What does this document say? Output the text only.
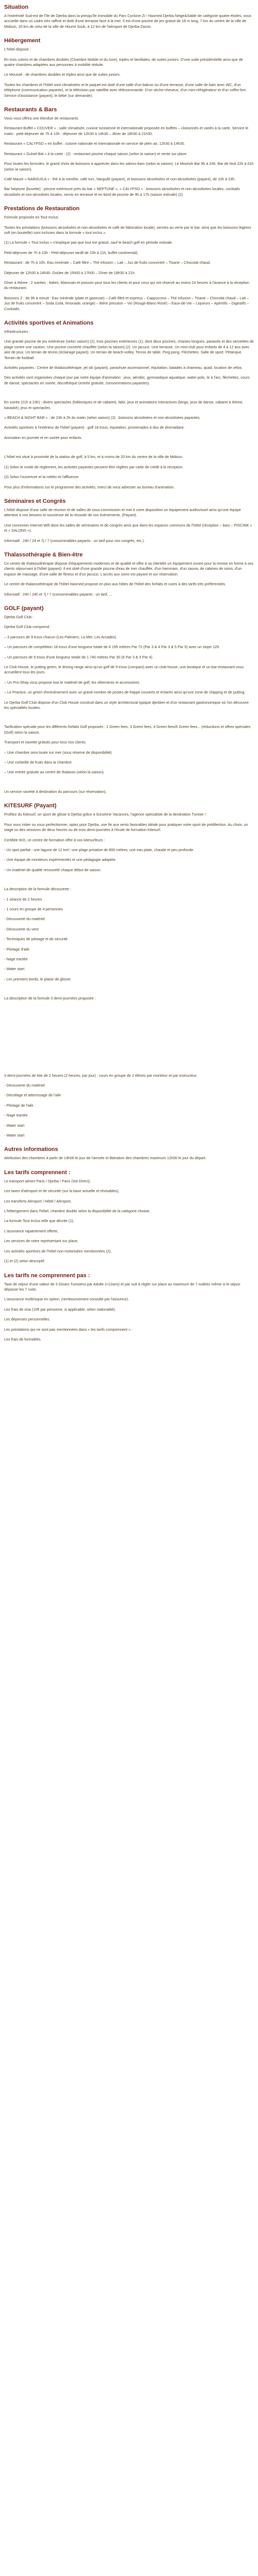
Situation

A l'extrémité Sud-est de l'île de Djerba dans la presqu'île immobile du Parc Cyclone Zi ! Hasmed Djerba Neige&Sable de catégorie quatre étoiles, vous accueille dans un cadre très raffiné et doté d'une terrasse face à la mer. Il est d'une piscine de jeu gratuit de 18 m long, 7 km du centre de la ville de Midoun, 20 km de celui de la ville de Houmt Souk, à 12 km de l'aéroport de Djerba-Zarzis.

Hébergement

L'hôtel dispose :

En trois coloris et de chambres doubles (Chambre Mobile et du lune), triples et familiales, de suites juniors. D'une suite présidentielle ainsi que de quatre chambres adaptées aux personnes à mobilité réduite.

Le Moussé : de chambres doubles et triples ainsi que de suites juniors.

Toutes les chambres et l'hôtel sont climatisées et le paquet est doté d'une salle d'un balcon ou d'une terrasse, d'une salle de bain avec WC, d'un téléphone (communication payante), et la télévision par satellite avec télécommande. D'un sèche-cheveux, d'un mini-réfrigérateur et d'un coffre-fort. Service d'assistance (payant), le bébé (sur demande).

Restaurants & Bars

Vous vous offrira une étendue de restaurants.

Restaurant Buffet « COUVER » : salle climatisée, cuisine tunisienne et internationale proposée en buffets – cloisonnés et variés à la carte. Service le matin : petit-déjeuner de 7h à 10h - déjeuner de 12h30 à 14h30 – dîner de 18h30 à 21h30.

Restaurant « CALYPSO » en buffet : cuisine nationale et internationale en service de plein air, 12h30 à 14h30.

Restaurant « Gulsel-Bal » à la carte : (2) - restaurant piscine chaque saison (selon la saison) et vente sur place.

Pour toutes les formules, le grand choix de boissons à apprécier dans les salons-bars (selon la saison). Le Moorish Bar 9h à 24h, Bar de Nuit 22h à 01h (selon la saison).

Café Maure « NARGUILA » : thé à la menthe, café turc, Narguilé (payant), et boissons alcoolisées et non-alcoolisées (payant), de 10h à 23h.

Bar Neptune (buvette) : piscine extérieure près du bar « NEPTUNE », « CALYPSO » : boissons alcoolisées et non-alcoolisées locales, cocktails alcoolisés et non-alcoolisés locales, servis en terrasse et en bord de piscine de 9h à 17h (saison estivale) (2).

Prestations de Restauration

Formule proposée en Tout Inclus.

Toutes les prestations (boissons alcoolisées et non-alcoolisées et café de fabrication locale), servies au verre par le bar, ainsi que les boissons légères soft (en bouteille) sont incluses dans la formule « tout inclus ».

(1) La formule « Tout Inclus » n'implique pas que tout est gratuit, sauf le beach golf en période estivale.

Petit-déjeuner de 7h à 10h - Petit-déjeuner tardif de 10h à 11h, buffet continental).

Restaurant : de 7h à 10h. Eau minérale – Café filtre – Thé infusion – Lait – Jus de fruits concentré – Tisane – Chocolat chaud.

Déjeuner de 12h30 à 14h30. Goûter de 15h00 à 17h00 – Dîner de 18h30 à 21h.

Dîner à thème : 2 soirées : italien, Marocain et poisson pour tous les clients et pour ceux qui ont réservé au moins 24 heures à l'avance à la réception du restaurant.

Boissons Z : de 9h à minuit : Eau minérale (plate et gazeuse) – Café filtré et express – Cappuccino – Thé infusion – Tisane – Chocolat chaud – Lait – Jus de fruits concentré – Soda (cola, limonade, orange) – Bière pression – Vin (Rouge-Blanc-Rosé) – Eaux-de-Vie – Liqueurs – Apéritifs – Digestifs – Cocktails.

Activités sportives et Animations

Infrastructures :

Une grande piscine de jeu extérieure (selon saison) (2), trois piscines extérieures (1), dont deux piscines, chaises-longues, parasols et des serviettes de plage contre une caution. Une piscine couverte chauffée (selon la saison) (2). Un jacuzzi. Une terrasse. Un mini-club pour enfants de 4 à 12 ans avec aire de jeux. Un terrain de tennis (éclairage payant). Un terrain de beach-volley. Tennis de table. Ping-pong. Fléchettes. Salle de sport. Pétanque. Terrain de football.

Activités payantes : Centre de thalassothérapie, jet ski (payant), parachute ascensionnel, équitation, balades à chameau, quad, location de vélos.

Des activités sont organisées chaque jour par notre équipe d'animation : jeux, aérobic, gymnastique aquatique, water-polo, tir à l'arc, fléchettes, cours de danse, spectacles en soirée, discothèque (entrée gratuite, consommations payantes).

En soirée (21h à 23h) : divers spectacles (folkloriques et de cabaret), fakir, jeux et animations interactives (bingo, jeux de danse, cabaret à thème, karaoké), jeux et spectacles.

« BEACH & NIGHT BAR » : de 23h à 2h du matin (selon saison) (2) : boissons alcoolisées et non-alcoolisées payantes.

Activités sportives à l'extérieur de l'hôtel (payant) : golf 18 trous, équitation, promenades à dos de dromadaire.

Animation en journée et en soirée pour enfants.

L'hôtel est situé à proximité de la station de golf, à 5 km, et à moins de 20 km du centre de la ville de Midoun.

(1) Selon le mode de règlement, les activités payantes peuvent être réglées par carte de crédit à la réception.

(2) Selon l'ouverture et la météo et l'affluence.

Pour plus d'informations sur le programme des activités, merci de vous adresser au bureau d'animation.

Séminaires et Congrès

L'hôtel dispose d'une salle de réunion et de salles de sous-commission et met à votre disposition un équipement audiovisuel ainsi qu'une équipe attentive à vos besoins et soucieuse de la réussite de vos évènements. (Payant).

Une connexion Internet Wifi dans les salles de séminaires et de congrès ainsi que dans les espaces communs de l'hôtel (réception – bars – PISCINE « et » SALONS »).

Informatif : 24h / 24 et 7j / 7 (consommables payants : un tarif pour vos congrès, etc.).

Thalassothérapie & Bien-être

Ce centre de thalassothérapie dispose d'équipements modernes et de qualité et offre à sa clientèle un équipement ouvert pour la remise en forme à ses clients séjournant à l'hôtel (payant). Il est doté d'une grande piscine d'eau de mer chauffée, d'un hammam, d'un sauna, de cabines de soins, d'un espace de massage, d'une salle de fitness et d'un jacuzzi. L'accès aux soins est payant et sur réservation.

Le centre de thalassothérapie de l'hôtel Hasmed propose en plus aux hôtes de l'hôtel des forfaits et cures à des tarifs très préférentiels.

Informatif : 24h / 24h et 7j / 7 (consommables payants : un tarif, ...

GOLF (payant)

Djerba Golf Club :

Djerba Golf Club comprend :

– 3 parcours de 9 trous chacun (Les Palmiers, La Mer, Les Arcades)

– Un parcours de compétition 18 trous d'une longueur totale de 6 195 mètres Par 72 (Par 3 & 4 Par 3 & 5 Par 5) avec un slope 129.

– Un parcours de 9 trous d'une longueur totale de 1 740 mètres Par 30 (6 Par 3 & 3 Par 4).

Le Club House, le putting green, le driving range ainsi qu'un golf de 9 trous (compact) avec un club-house, une boutique et un bar-restaurant vous accueillent tous les jours.

– Un Pro-Shop vous propose tout le matériel de golf, les vêtements et accessoires.

– Le Practice, un green d'entraînement avec un grand nombre de postes de frappe couverts et éclairés ainsi qu'une zone de chipping et de putting.

Le Djerba Golf Club dispose d'un Club House construit dans un style architectural typique djerbien et d'un restaurant gastronomique où l'on découvre les spécialités locales.

Tarification spéciale pour les différents forfaits Golf proposés : 2 Green fees, 3 Green fees, 4 Green fees/5 Green fees... (réductions et offres spéciales (Golf) selon la saison.

Transport et navette gratuits pour tous nos clients.

– Une chambre sera louée sur mer (sous réserve de disponibilité)

– Une corbeille de fruits dans la chambre.

– Une entrée gratuite au centre de thalasso (selon la saison).

Un service navette à destination du parcours (sur réservation).

KITESURF (Payant)

Profitez du Kitesurf, un sport de glisse à Djerba grâce à Sunshine Vacances, l'agence spécialiste de la destination Tunisie !

Pour vous initier ou vous perfectionner, optez pour Djerba, une île aux vents favorables idéale pour pratiquer votre sport de prédilection. Au choix, un stage ou des sessions de deux heures ou de trois demi-journées à l'école de formation Kitesurf.

Certifiée IKO, ce centre de formation offre à vos kitesurfeurs :

- Un spot parfait : une lagune de 12 km², une plage privative de 800 mètres, une eau plate, chaude et peu profonde.

- Une équipe de moniteurs expérimentés et une pédagogie adaptée.

- Un matériel de qualité renouvelé chaque début de saison.

La description de la formule découverte :

- 1 séance de 2 heures

- 1 cours en groupe de 4 personnes

- Découverte du matériel

- Découverte du vent

- Techniques de pilotage et de sécurité

- Pilotage d'aile

- Nage tractée

- Water start

- Les premiers bords, le plaisir de glisser.

La description de la formule 3 demi-journées proposée :

3 demi-journées de kite de 2 heures (2 heures, par jour) : cours en groupe de 2 élèves par moniteur et par instructeur.

- Découverte du matériel

- Décollage et atterrissage de l'aile

- Pilotage de l'aile

- Nage tractée

- Water start

- Water start

Autres informations

Attribution des chambres à partir de 14h00 le jour de l'arrivée et libération des chambres maximum 12h00 le jour du départ.

Les tarifs comprennent :

Le transport aérien Paris / Djerba / Paris (Vol Direct),

Les taxes d'aéroport et de sécurité (sur la base actuelle et révisables),

Les transferts Aéroport / Hôtel / Aéroport,

L'hébergement dans l'hôtel, chambre double selon la disponibilité de la catégorie choisie,

La formule Tout Inclus telle que décrite (1),

L'assurance rapatriement offerte,

Les services de notre représentant sur place,

Les activités sportives de l'hôtel non-motorisées mentionnées (2),

(1) et (2) selon descriptif.

Les tarifs ne comprennent pas :

Taxe de séjour d'une valeur de 3 Dinars Tunisiens par Adulte (+12ans) et par nuit à régler sur place au maximum de 7 nuitées même si le séjour dépasse les 7 nuits.

L'assurance multirisque en option, (remboursement consulté par l'assureur).

Les frais de visa (10€ par personne, si applicable, selon nationalité).

Les dépenses personnelles.

Les prestations qui ne sont pas mentionnées dans « les tarifs comprennent ».

Les frais de formalités.
